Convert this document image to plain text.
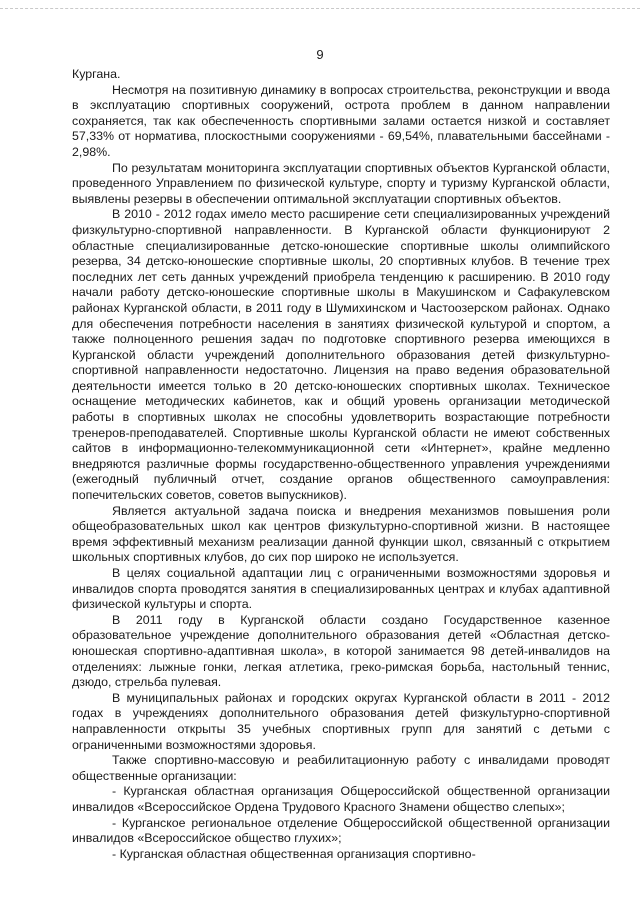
9

Кургана.

Несмотря на позитивную динамику в вопросах строительства, реконструкции и ввода в эксплуатацию спортивных сооружений, острота проблем в данном направлении сохраняется, так как обеспеченность спортивными залами остается низкой и составляет 57,33% от норматива, плоскостными сооружениями - 69,54%, плавательными бассейнами - 2,98%.

По результатам мониторинга эксплуатации спортивных объектов Курганской области, проведенного Управлением по физической культуре, спорту и туризму Курганской области, выявлены резервы в обеспечении оптимальной эксплуатации спортивных объектов.

В 2010 - 2012 годах имело место расширение сети специализированных учреждений физкультурно-спортивной направленности. В Курганской области функционируют 2 областные специализированные детско-юношеские спортивные школы олимпийского резерва, 34 детско-юношеские спортивные школы, 20 спортивных клубов. В течение трех последних лет сеть данных учреждений приобрела тенденцию к расширению. В 2010 году начали работу детско-юношеские спортивные школы в Макушинском и Сафакулевском районах Курганской области, в 2011 году в Шумихинском и Частоозерском районах. Однако для обеспечения потребности населения в занятиях физической культурой и спортом, а также полноценного решения задач по подготовке спортивного резерва имеющихся в Курганской области учреждений дополнительного образования детей физкультурно-спортивной направленности недостаточно. Лицензия на право ведения образовательной деятельности имеется только в 20 детско-юношеских спортивных школах. Техническое оснащение методических кабинетов, как и общий уровень организации методической работы в спортивных школах не способны удовлетворить возрастающие потребности тренеров-преподавателей. Спортивные школы Курганской области не имеют собственных сайтов в информационно-телекоммуникационной сети «Интернет», крайне медленно внедряются различные формы государственно-общественного управления учреждениями (ежегодный публичный отчет, создание органов общественного самоуправления: попечительских советов, советов выпускников).

Является актуальной задача поиска и внедрения механизмов повышения роли общеобразовательных школ как центров физкультурно-спортивной жизни. В настоящее время эффективный механизм реализации данной функции школ, связанный с открытием школьных спортивных клубов, до сих пор широко не используется.

В целях социальной адаптации лиц с ограниченными возможностями здоровья и инвалидов спорта проводятся занятия в специализированных центрах и клубах адаптивной физической культуры и спорта.

В 2011 году в Курганской области создано Государственное казенное образовательное учреждение дополнительного образования детей «Областная детско-юношеская спортивно-адаптивная школа», в которой занимается 98 детей-инвалидов на отделениях: лыжные гонки, легкая атлетика, греко-римская борьба, настольный теннис, дзюдо, стрельба пулевая.

В муниципальных районах и городских округах Курганской области в 2011 - 2012 годах в учреждениях дополнительного образования детей физкультурно-спортивной направленности открыты 35 учебных спортивных групп для занятий с детьми с ограниченными возможностями здоровья.

Также спортивно-массовую и реабилитационную работу с инвалидами проводят общественные организации:

- Курганская областная организация Общероссийской общественной организации инвалидов «Всероссийское Ордена Трудового Красного Знамени общество слепых»;

- Курганское региональное отделение Общероссийской общественной организации инвалидов «Всероссийское общество глухих»;

- Курганская областная общественная организация спортивно-
